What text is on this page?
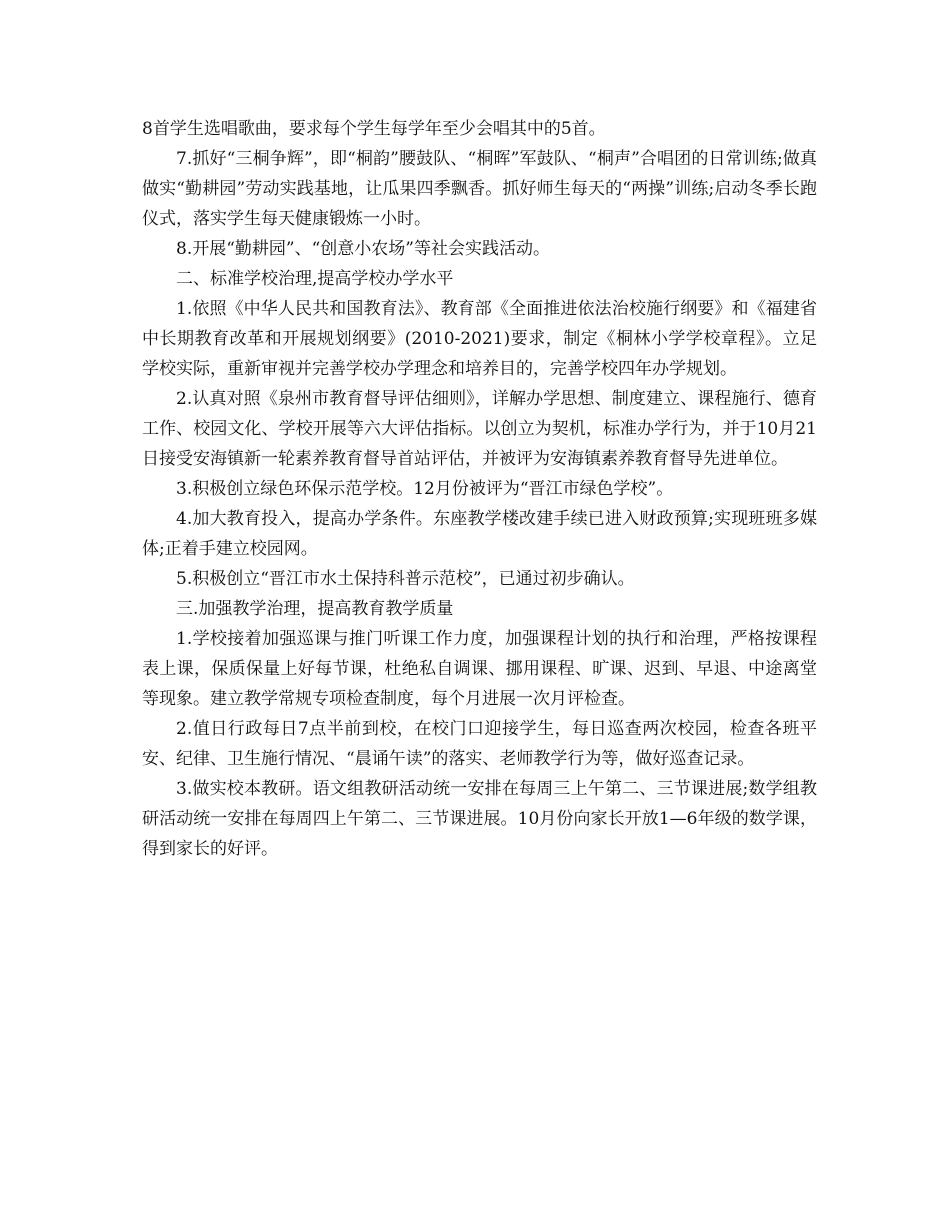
8首学生选唱歌曲，要求每个学生每学年至少会唱其中的5首。

7.抓好“三桐争辉”，即“桐韵”腰鼓队、“桐晖”军鼓队、“桐声”合唱团的日常训练;做真做实“勤耕园”劳动实践基地，让瓜果四季飘香。抓好师生每天的“两操”训练;启动冬季长跑仪式，落实学生每天健康锻炼一小时。

8.开展“勤耕园”、“创意小农场”等社会实践活动。

二、标准学校治理,提高学校办学水平

1.依照《中华人民共和国教育法》、教育部《全面推进依法治校施行纲要》和《福建省中长期教育改革和开展规划纲要》(2010-2021)要求，制定《桐林小学学校章程》。立足学校实际，重新审视并完善学校办学理念和培养目的，完善学校四年办学规划。

2.认真对照《泉州市教育督导评估细则》，详解办学思想、制度建立、课程施行、德育工作、校园文化、学校开展等六大评估指标。以创立为契机，标准办学行为，并于10月21日接受安海镇新一轮素养教育督导首站评估，并被评为安海镇素养教育督导先进单位。

3.积极创立绿色环保示范学校。12月份被评为“晋江市绿色学校”。

4.加大教育投入，提高办学条件。东座教学楼改建手续已进入财政预算;实现班班多媒体;正着手建立校园网。

5.积极创立“晋江市水土保持科普示范校”，已通过初步确认。

三.加强教学治理，提高教育教学质量

1.学校接着加强巡课与推门听课工作力度，加强课程计划的执行和治理，严格按课程表上课，保质保量上好每节课，杜绝私自调课、挪用课程、旷课、迟到、早退、中途离堂等现象。建立教学常规专项检查制度，每个月进展一次月评检查。

2.值日行政每日7点半前到校，在校门口迎接学生，每日巡查两次校园，检查各班平安、纪律、卫生施行情况、“晨诵午读”的落实、老师教学行为等，做好巡查记录。

3.做实校本教研。语文组教研活动统一安排在每周三上午第二、三节课进展;数学组教研活动统一安排在每周四上午第二、三节课进展。10月份向家长开放1—6年级的数学课，得到家长的好评。
